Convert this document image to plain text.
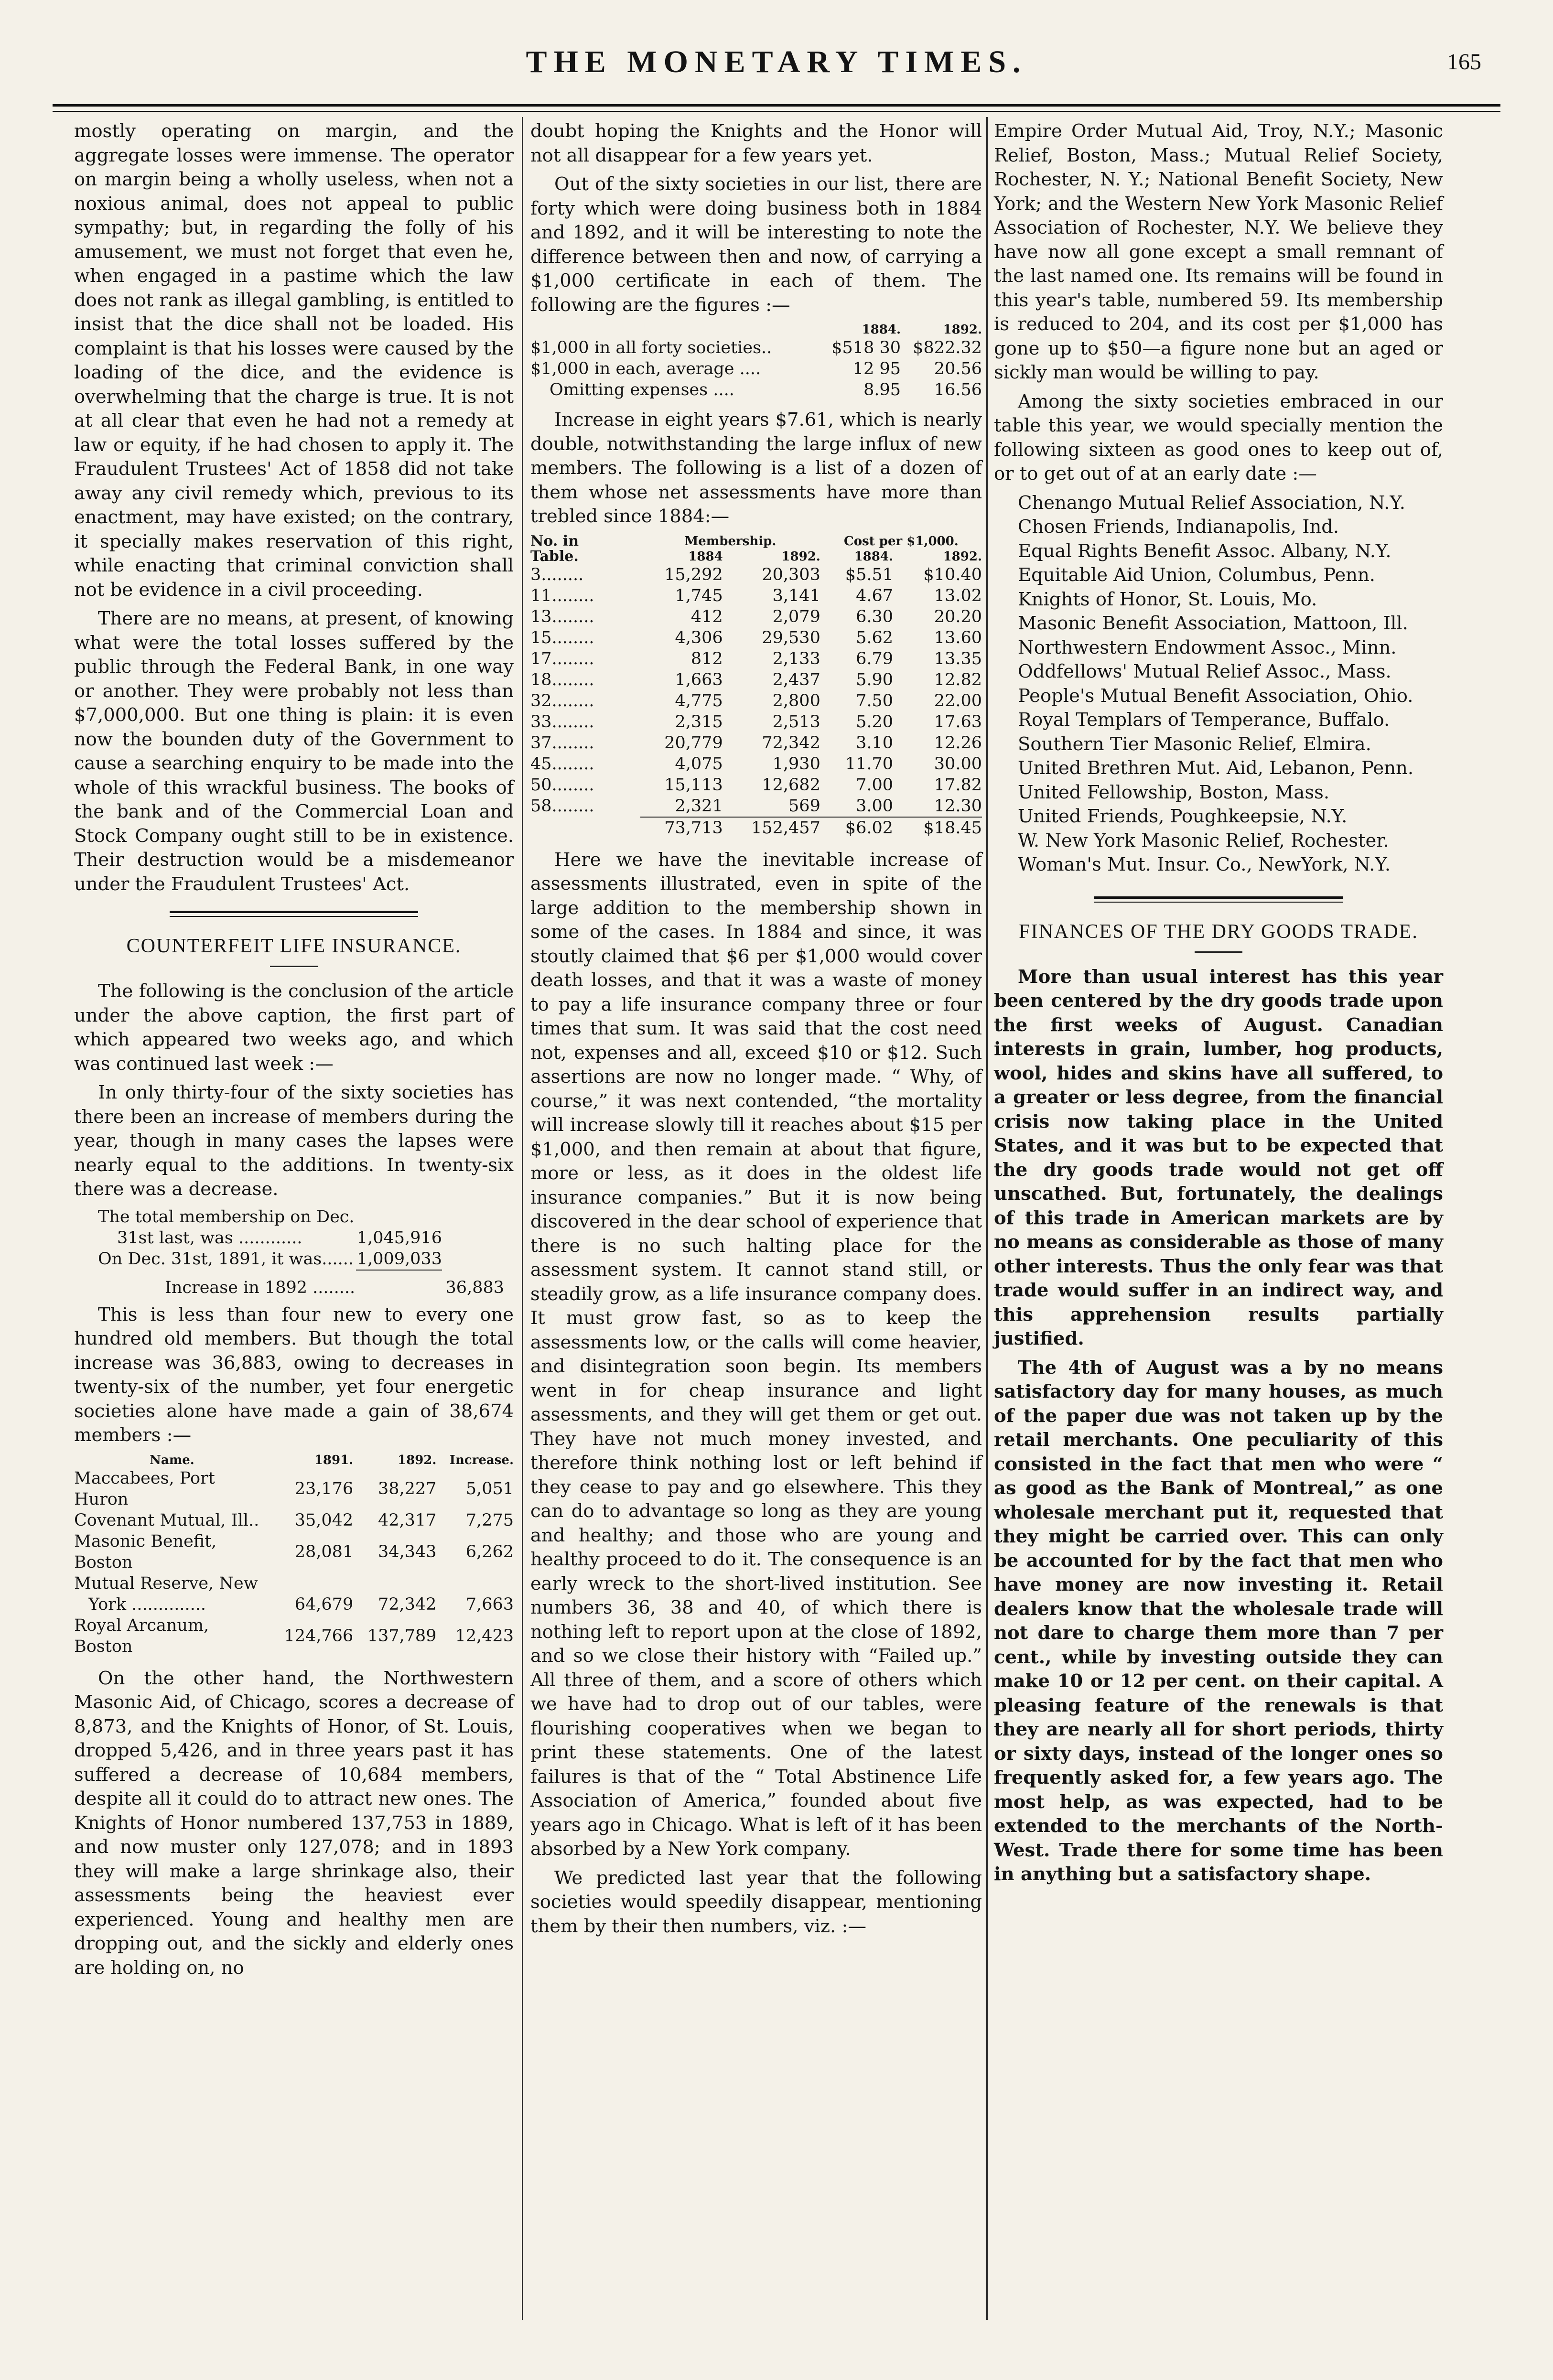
THE MONETARY TIMES.	165

mostly operating on margin, and the aggregate losses were immense. The operator on margin being a wholly useless, when not a noxious animal, does not appeal to public sympathy; but, in regarding the folly of his amusement, we must not forget that even he, when engaged in a pastime which the law does not rank as illegal gambling, is entitled to insist that the dice shall not be loaded. His complaint is that his losses were caused by the loading of the dice, and the evidence is overwhelming that the charge is true. It is not at all clear that even he had not a remedy at law or equity, if he had chosen to apply it. The Fraudulent Trustees' Act of 1858 did not take away any civil remedy which, previous to its enactment, may have existed; on the contrary, it specially makes reservation of this right, while enacting that criminal conviction shall not be evidence in a civil proceeding.

There are no means, at present, of knowing what were the total losses suffered by the public through the Federal Bank, in one way or another. They were probably not less than $7,000,000. But one thing is plain: it is even now the bounden duty of the Government to cause a searching enquiry to be made into the whole of this wrackful business. The books of the bank and of the Commercial Loan and Stock Company ought still to be in existence. Their destruction would be a misdemeanor under the Fraudulent Trustees' Act.

COUNTERFEIT LIFE INSURANCE.

The following is the conclusion of the article under the above caption, the first part of which appeared two weeks ago, and which was continued last week :—

In only thirty-four of the sixty societies has there been an increase of members during the year, though in many cases the lapses were nearly equal to the additions. In twenty-six there was a decrease.

The total membership on Dec.
31st last, was ............	1,045,916
On Dec. 31st, 1891, it was......	1,009,033
Increase in 1892 ........	36,883

This is less than four new to every one hundred old members. But though the total increase was 36,883, owing to decreases in twenty-six of the number, yet four energetic societies alone have made a gain of 38,674 members :—

Name.	1891.	1892.	Increase.
Maccabees, Port Huron	23,176	38,227	5,051
Covenant Mutual, Ill..	35,042	42,317	7,275
Masonic Benefit, Boston	28,081	34,343	6,262
Mutual Reserve, New			
York ..............	64,679	72,342	7,663
Royal Arcanum, Boston	124,766	137,789	12,423

On the other hand, the Northwestern Masonic Aid, of Chicago, scores a decrease of 8,873, and the Knights of Honor, of St. Louis, dropped 5,426, and in three years past it has suffered a decrease of 10,684 members, despite all it could do to attract new ones. The Knights of Honor numbered 137,753 in 1889, and now muster only 127,078; and in 1893 they will make a large shrinkage also, their assessments being the heaviest ever experienced. Young and healthy men are dropping out, and the sickly and elderly ones are holding on, no

doubt hoping the Knights and the Honor will not all disappear for a few years yet.

Out of the sixty societies in our list, there are forty which were doing business both in 1884 and 1892, and it will be interesting to note the difference between then and now, of carrying a $1,000 certificate in each of them. The following are the figures :—

	1884.	1892.
$1,000 in all forty societies..	$518 30	$822.32
$1,000 in each, average ....	12 95	20.56
Omitting expenses ....	8.95	16.56

Increase in eight years $7.61, which is nearly double, notwithstanding the large influx of new members. The following is a list of a dozen of them whose net assessments have more than trebled since 1884:—

No. in	Membership.		Cost per $1,000.	
Table.	1884	1892.	1884.	1892.
3........	15,292	20,303	$5.51	$10.40
11........	1,745	3,141	4.67	13.02
13........	412	2,079	6.30	20.20
15........	4,306	29,530	5.62	13.60
17........	812	2,133	6.79	13.35
18........	1,663	2,437	5.90	12.82
32........	4,775	2,800	7.50	22.00
33........	2,315	2,513	5.20	17.63
37........	20,779	72,342	3.10	12.26
45........	4,075	1,930	11.70	30.00
50........	15,113	12,682	7.00	17.82
58........	2,321	569	3.00	12.30
	73,713	152,457	$6.02	$18.45

Here we have the inevitable increase of assessments illustrated, even in spite of the large addition to the membership shown in some of the cases. In 1884 and since, it was stoutly claimed that $6 per $1,000 would cover death losses, and that it was a waste of money to pay a life insurance company three or four times that sum. It was said that the cost need not, expenses and all, exceed $10 or $12. Such assertions are now no longer made. “ Why, of course,” it was next contended, “the mortality will increase slowly till it reaches about $15 per $1,000, and then remain at about that figure, more or less, as it does in the oldest life insurance companies.” But it is now being discovered in the dear school of experience that there is no such halting place for the assessment system. It cannot stand still, or steadily grow, as a life insurance company does. It must grow fast, so as to keep the assessments low, or the calls will come heavier, and disintegration soon begin. Its members went in for cheap insurance and light assessments, and they will get them or get out. They have not much money invested, and therefore think nothing lost or left behind if they cease to pay and go elsewhere. This they can do to advantage so long as they are young and healthy; and those who are young and healthy proceed to do it. The consequence is an early wreck to the short-lived institution. See numbers 36, 38 and 40, of which there is nothing left to report upon at the close of 1892, and so we close their history with “Failed up.” All three of them, and a score of others which we have had to drop out of our tables, were flourishing cooperatives when we began to print these statements. One of the latest failures is that of the “ Total Abstinence Life Association of America,” founded about five years ago in Chicago. What is left of it has been absorbed by a New York company.

We predicted last year that the following societies would speedily disappear, mentioning them by their then numbers, viz. :—

Empire Order Mutual Aid, Troy, N.Y.; Masonic Relief, Boston, Mass.; Mutual Relief Society, Rochester, N. Y.; National Benefit Society, New York; and the Western New York Masonic Relief Association of Rochester, N.Y. We believe they have now all gone except a small remnant of the last named one. Its remains will be found in this year's table, numbered 59. Its membership is reduced to 204, and its cost per $1,000 has gone up to $50—a figure none but an aged or sickly man would be willing to pay.

Among the sixty societies embraced in our table this year, we would specially mention the following sixteen as good ones to keep out of, or to get out of at an early date :—

Chenango Mutual Relief Association, N.Y.
Chosen Friends, Indianapolis, Ind.
Equal Rights Benefit Assoc. Albany, N.Y.
Equitable Aid Union, Columbus, Penn.
Knights of Honor, St. Louis, Mo.
Masonic Benefit Association, Mattoon, Ill.
Northwestern Endowment Assoc., Minn.
Oddfellows' Mutual Relief Assoc., Mass.
People's Mutual Benefit Association, Ohio.
Royal Templars of Temperance, Buffalo.
Southern Tier Masonic Relief, Elmira.
United Brethren Mut. Aid, Lebanon, Penn.
United Fellowship, Boston, Mass.
United Friends, Poughkeepsie, N.Y.
W. New York Masonic Relief, Rochester.
Woman's Mut. Insur. Co., NewYork, N.Y.
FINANCES OF THE DRY GOODS TRADE.

More than usual interest has this year been centered by the dry goods trade upon the first weeks of August. Canadian interests in grain, lumber, hog products, wool, hides and skins have all suffered, to a greater or less degree, from the financial crisis now taking place in the United States, and it was but to be expected that the dry goods trade would not get off unscathed. But, fortunately, the dealings of this trade in American markets are by no means as considerable as those of many other interests. Thus the only fear was that trade would suffer in an indirect way, and this apprehension results partially justified.

The 4th of August was a by no means satisfactory day for many houses, as much of the paper due was not taken up by the retail merchants. One peculiarity of this consisted in the fact that men who were “ as good as the Bank of Montreal,” as one wholesale merchant put it, requested that they might be carried over. This can only be accounted for by the fact that men who have money are now investing it. Retail dealers know that the wholesale trade will not dare to charge them more than 7 per cent., while by investing outside they can make 10 or 12 per cent. on their capital. A pleasing feature of the renewals is that they are nearly all for short periods, thirty or sixty days, instead of the longer ones so frequently asked for, a few years ago. The most help, as was expected, had to be extended to the merchants of the North-West. Trade there for some time has been in anything but a satisfactory shape.
